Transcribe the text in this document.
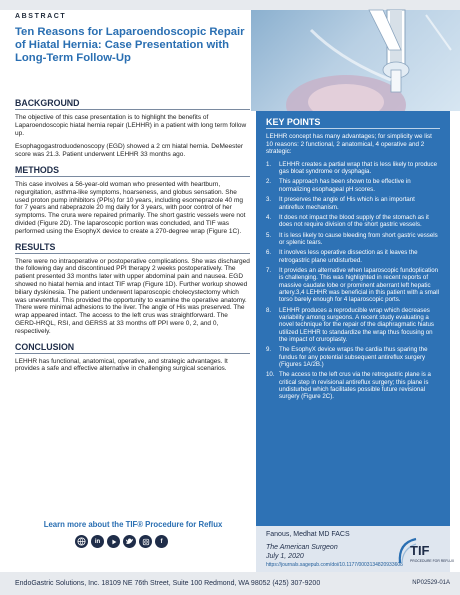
ABSTRACT
Ten Reasons for Laparoendoscopic Repair
of Hiatal Hernia: Case Presentation with
Long-Term Follow-Up
BACKGROUND

The objective of this case presentation is to highlight the benefits of Laparoendoscopic hiatal hernia repair (LEHHR) in a patient with long term follow up.

Esophagogastroduodenoscopy (EGD) showed a 2 cm hiatal hernia. DeMeester score was 21.3. Patient underwent LEHHR 33 months ago.

METHODS

This case involves a 56-year-old woman who presented with heartburn, regurgitation, asthma-like symptoms, hoarseness, and globus sensation. She used proton pump inhibitors (PPIs) for 10 years, including esomeprazole 40 mg for 7 years and rabeprazole 20 mg daily for 3 years, with poor control of her symptoms. The crura were repaired primarily. The short gastric vessels were not divided (Figure 2D). The laparoscopic portion was concluded, and TIF was performed using the EsophyX device to create a 270-degree wrap (Figure 1C).

RESULTS

There were no intraoperative or postoperative complications. She was discharged the following day and discontinued PPI therapy 2 weeks postoperatively. The patient presented 33 months later with upper abdominal pain and nausea. EGD showed no hiatal hernia and intact TIF wrap (Figure 1D). Further workup showed biliary dyskinesia. The patient underwent laparoscopic cholecystectomy which was uneventful. This provided the opportunity to examine the operative anatomy. There were minimal adhesions to the liver. The angle of His was preserved. The wrap appeared intact. The access to the left crus was straightforward. The GERD-HRQL, RSI, and GERSS at 33 months off PPI were 0, 2, and 0, respectively.

CONCLUSION

LEHHR has functional, anatomical, operative, and strategic advantages. It provides a safe and effective alternative in challenging surgical scenarios.

KEY POINTS

LEHHR concept has many advantages; for simplicity we list 10 reasons: 2 functional, 2 anatomical, 4 operative and 2 strategic:

1.	LEHHR creates a partial wrap that is less likely to produce gas bloat syndrome or dysphagia.
2.	This approach has been shown to be effective in normalizing esophageal pH scores.
3.	It preserves the angle of His which is an important antireflux mechanism.
4.	It does not impact the blood supply of the stomach as it does not require division of the short gastric vessels.
5.	It is less likely to cause bleeding from short gastric vessels or splenic tears.
6.	It involves less operative dissection as it leaves the retrogastric plane undisturbed.
7.	It provides an alternative when laparoscopic fundoplication is challenging. This was highlighted in recent reports of massive caudate lobe or prominent aberrant left hepatic artery.3,4 LEHHR was beneficial in this patient with a small torso barely enough for 4 laparoscopic ports.
8.	LEHHR produces a reproducible wrap which decreases variability among surgeons. A recent study evaluating a novel technique for the repair of the diaphragmatic hiatus utilized LEHHR to standardize the wrap thus focusing on the impact of cruroplasty.
9.	The EsophyX device wraps the cardia thus sparing the fundus for any potential subsequent antireflux surgery (Figures 1A/2B.)
10. The access to the left crus via the retrogastric plane is a critical step in revisional antireflux surgery; this plane is undisturbed which facilitates possible future revisional surgery (Figure 2C).
Fanous, Medhat MD FACS
The American Surgeon
July 1, 2020
https://journals.sagepub.com/doi/10.1177/0003134820933608
TIF
PROCEDURE FOR REFLUX
Learn more about the TIF® Procedure for Reflux
in	f
EndoGastric Solutions, Inc. 18109 NE 76th Street, Suite 100 Redmond, WA 98052 (425) 307-9200	NP02529-01A
